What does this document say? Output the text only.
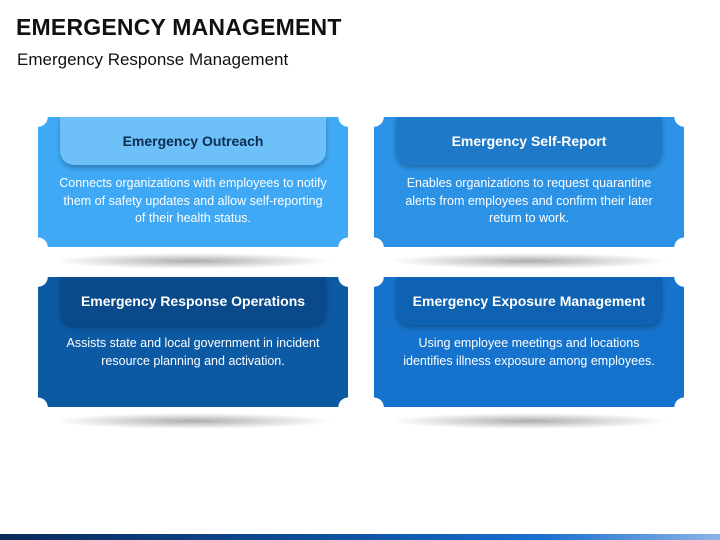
EMERGENCY MANAGEMENT
Emergency Response Management
Emergency Outreach
Connects organizations with employees to notify them of safety updates and allow self-reporting of their health status.
Emergency Self-Report
Enables organizations to request quarantine alerts from employees and confirm their later return to work.
Emergency Response Operations
Assists state and local government in incident resource planning and activation.
Emergency Exposure Management
Using employee meetings and locations identifies illness exposure among employees.
